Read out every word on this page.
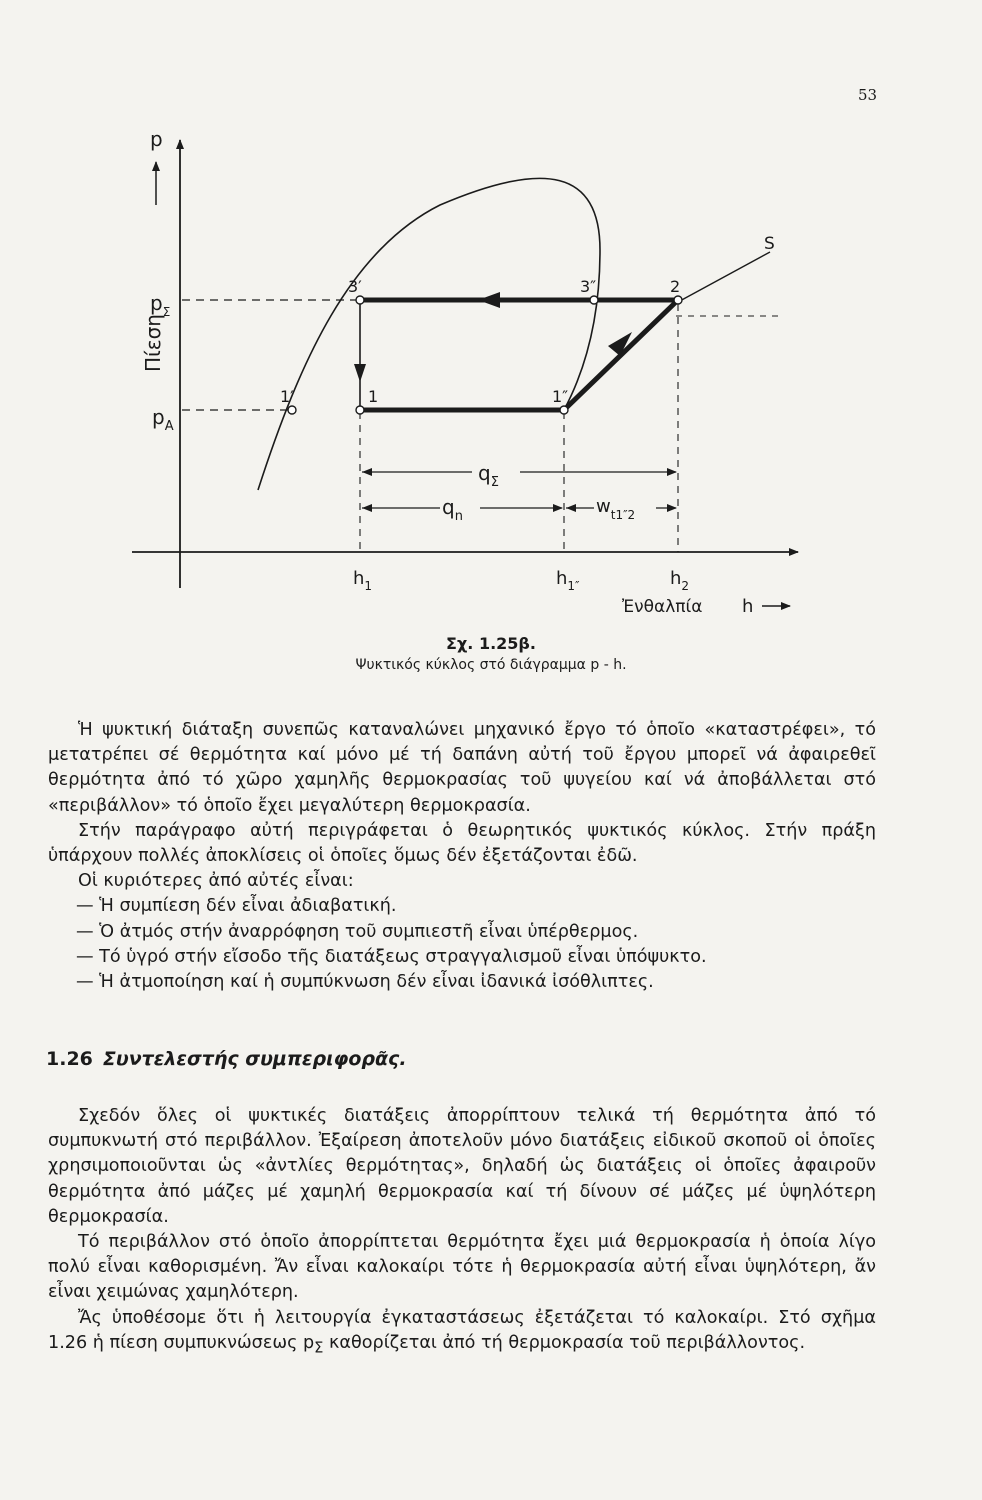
53
p
Πίεση
S
$p_\Sigma$
$p_A$
3′	3″	2
1′	1	1″
$q_\Sigma$
$q_n$	$w_{t1''2}$
$h_1$	$h_{1''}$	$h_2$
Ἐνθαλπία h
Σχ. 1.25β.
Ψυκτικός κύκλος στό διάγραμμα p - h.

Ἡ ψυκτική διάταξη συνεπῶς καταναλώνει μηχανικό ἔργο τό ὁποῖο «καταστρέφει», τό μετατρέπει σέ θερμότητα καί μόνο μέ τή δαπάνη αὐτή τοῦ ἔργου μπορεῖ νά ἀφαιρεθεῖ θερμότητα ἀπό τό χῶρο χαμηλῆς θερμοκρασίας τοῦ ψυγείου καί νά ἀποβάλλεται στό «περιβάλλον» τό ὁποῖο ἔχει μεγαλύτερη θερμοκρασία.

Στήν παράγραφο αὐτή περιγράφεται ὁ θεωρητικός ψυκτικός κύκλος. Στήν πράξη ὑπάρχουν πολλές ἀποκλίσεις οἱ ὁποῖες ὅμως δέν ἐξετάζονται ἐδῶ.

Οἱ κυριότερες ἀπό αὐτές εἶναι:

— Ἡ συμπίεση δέν εἶναι ἀδιαβατική.

— Ὁ ἀτμός στήν ἀναρρόφηση τοῦ συμπιεστῆ εἶναι ὑπέρθερμος.

— Τό ὑγρό στήν εἴσοδο τῆς διατάξεως στραγγαλισμοῦ εἶναι ὑπόψυκτο.

— Ἡ ἀτμοποίηση καί ἡ συμπύκνωση δέν εἶναι ἰδανικά ἰσόθλιπτες.

1.26 Συντελεστής συμπεριφορᾶς.

Σχεδόν ὅλες οἱ ψυκτικές διατάξεις ἀπορρίπτουν τελικά τή θερμότητα ἀπό τό συμπυκνωτή στό περιβάλλον. Ἐξαίρεση ἀποτελοῦν μόνο διατάξεις εἰδικοῦ σκοποῦ οἱ ὁποῖες χρησιμοποιοῦνται ὡς «ἀντλίες θερμότητας», δηλαδή ὡς διατάξεις οἱ ὁποῖες ἀφαιροῦν θερμότητα ἀπό μάζες μέ χαμηλή θερμοκρασία καί τή δίνουν σέ μάζες μέ ὑψηλότερη θερμοκρασία.

Τό περιβάλλον στό ὁποῖο ἀπορρίπτεται θερμότητα ἔχει μιά θερμοκρασία ἡ ὁποία λίγο πολύ εἶναι καθορισμένη. Ἄν εἶναι καλοκαίρι τότε ἡ θερμοκρασία αὐτή εἶναι ὑψηλότερη, ἄν εἶναι χειμώνας χαμηλότερη.

Ἄς ὑποθέσομε ὅτι ἡ λειτουργία ἐγκαταστάσεως ἐξετάζεται τό καλοκαίρι. Στό σχῆμα 1.26 ἡ πίεση συμπυκνώσεως $p_\Sigma$ καθορίζεται ἀπό τή θερμοκρασία τοῦ περιβάλλοντος.
